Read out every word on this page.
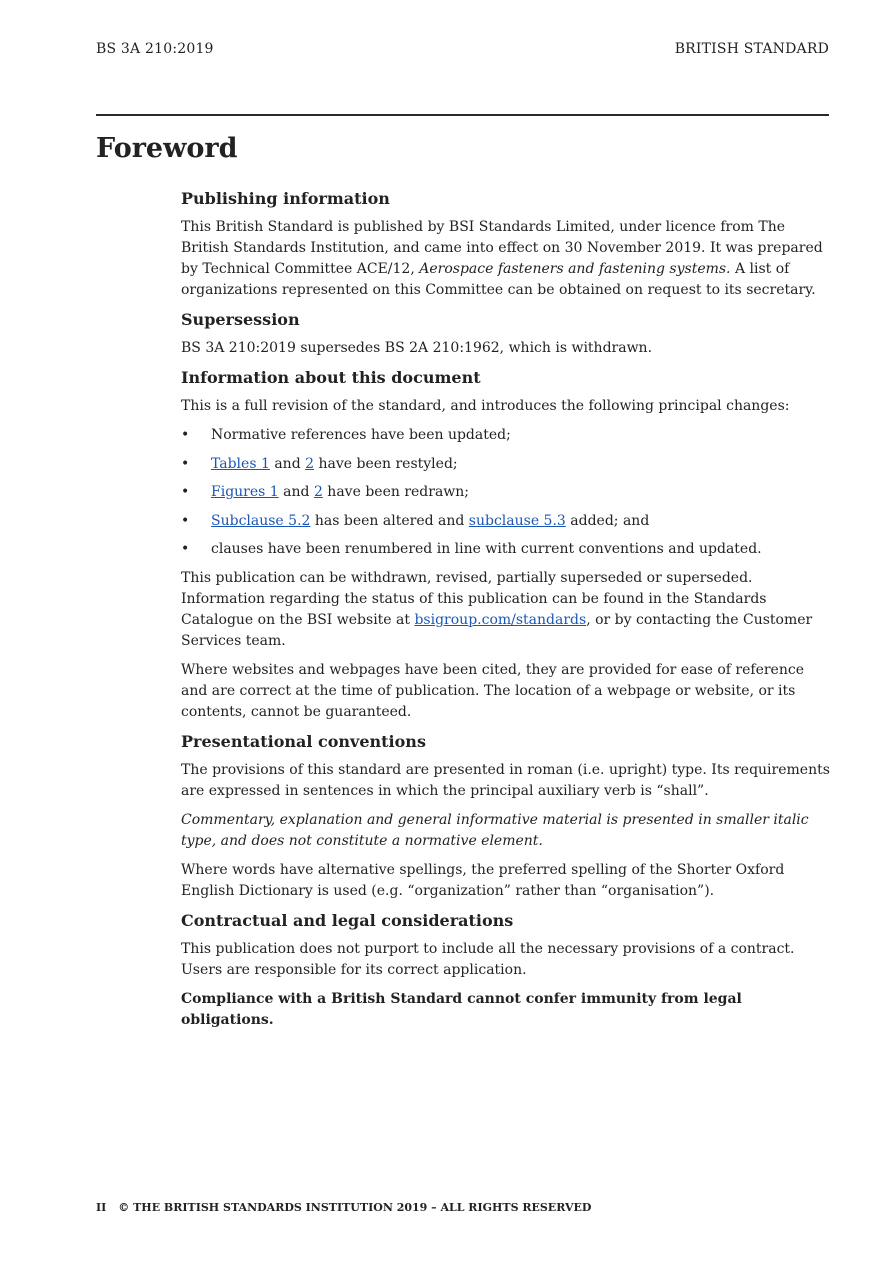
BS 3A 210:2019	BRITISH STANDARD
Foreword
Publishing information

This British Standard is published by BSI Standards Limited, under licence from The British Standards Institution, and came into effect on 30 November 2019. It was prepared by Technical Committee ACE/12, Aerospace fasteners and fastening systems. A list of organizations represented on this Committee can be obtained on request to its secretary.

Supersession

BS 3A 210:2019 supersedes BS 2A 210:1962, which is withdrawn.

Information about this document

This is a full revision of the standard, and introduces the following principal changes:

• Normative references have been updated;
• Tables 1 and 2 have been restyled;
• Figures 1 and 2 have been redrawn;
• Subclause 5.2 has been altered and subclause 5.3 added; and
• clauses have been renumbered in line with current conventions and updated.

This publication can be withdrawn, revised, partially superseded or superseded. Information regarding the status of this publication can be found in the Standards Catalogue on the BSI website at bsigroup.com/standards, or by contacting the Customer Services team.

Where websites and webpages have been cited, they are provided for ease of reference and are correct at the time of publication. The location of a webpage or website, or its contents, cannot be guaranteed.

Presentational conventions

The provisions of this standard are presented in roman (i.e. upright) type. Its requirements are expressed in sentences in which the principal auxiliary verb is “shall”.

Commentary, explanation and general informative material is presented in smaller italic type, and does not constitute a normative element.

Where words have alternative spellings, the preferred spelling of the Shorter Oxford English Dictionary is used (e.g. “organization” rather than “organisation”).

Contractual and legal considerations

This publication does not purport to include all the necessary provisions of a contract. Users are responsible for its correct application.

Compliance with a British Standard cannot confer immunity from legal obligations.

II © THE BRITISH STANDARDS INSTITUTION 2019 – ALL RIGHTS RESERVED
